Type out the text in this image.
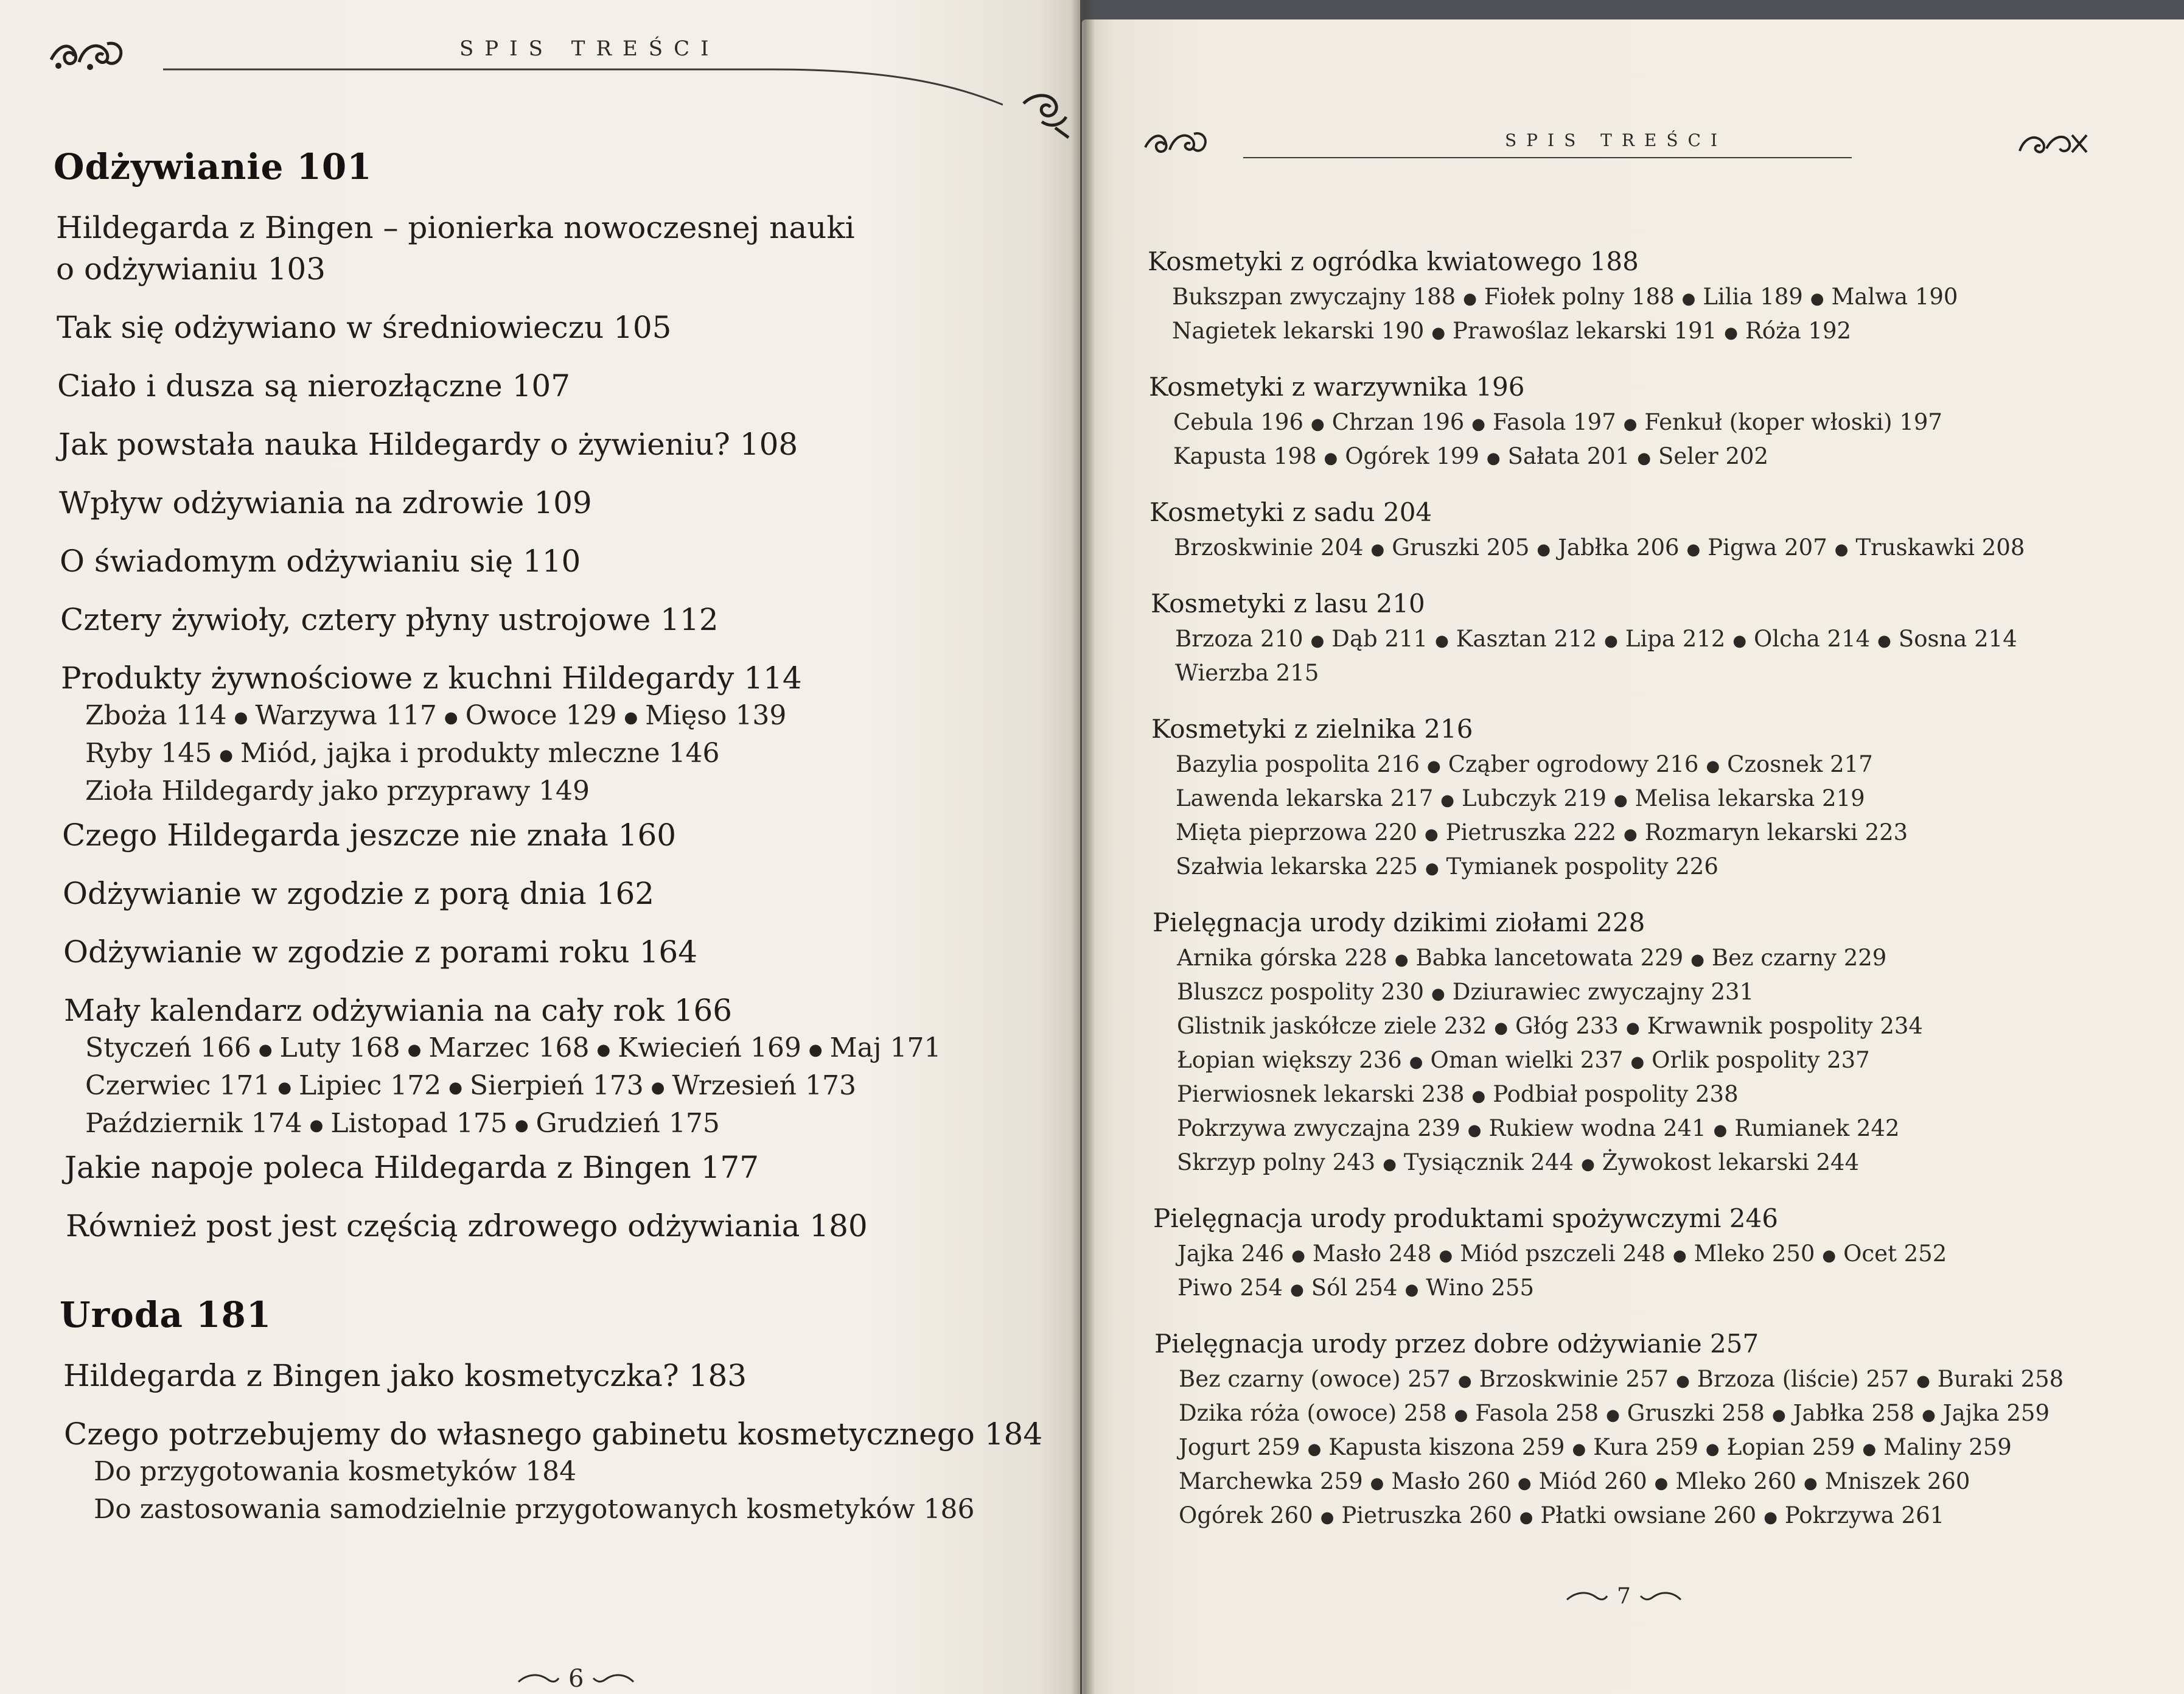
SPIS TREŚCI
6
Odżywianie 101
Hildegarda z Bingen – pionierka nowoczesnej nauki
o odżywianiu 103
Tak się odżywiano w średniowieczu 105
Ciało i dusza są nierozłączne 107
Jak powstała nauka Hildegardy o żywieniu? 108
Wpływ odżywiania na zdrowie 109
O świadomym odżywianiu się 110
Cztery żywioły, cztery płyny ustrojowe 112
Produkty żywnościowe z kuchni Hildegardy 114
Zboża 114 ● Warzywa 117 ● Owoce 129 ● Mięso 139
Ryby 145 ● Miód, jajka i produkty mleczne 146
Zioła Hildegardy jako przyprawy 149
Czego Hildegarda jeszcze nie znała 160
Odżywianie w zgodzie z porą dnia 162
Odżywianie w zgodzie z porami roku 164
Mały kalendarz odżywiania na cały rok 166
Styczeń 166 ● Luty 168 ● Marzec 168 ● Kwiecień 169 ● Maj 171
Czerwiec 171 ● Lipiec 172 ● Sierpień 173 ● Wrzesień 173
Październik 174 ● Listopad 175 ● Grudzień 175
Jakie napoje poleca Hildegarda z Bingen 177
Również post jest częścią zdrowego odżywiania 180
Uroda 181
Hildegarda z Bingen jako kosmetyczka? 183
Czego potrzebujemy do własnego gabinetu kosmetycznego 184
Do przygotowania kosmetyków 184
Do zastosowania samodzielnie przygotowanych kosmetyków 186
SPIS TREŚCI
7
Kosmetyki z ogródka kwiatowego 188
Bukszpan zwyczajny 188 ● Fiołek polny 188 ● Lilia 189 ● Malwa 190
Nagietek lekarski 190 ● Prawoślaz lekarski 191 ● Róża 192
Kosmetyki z warzywnika 196
Cebula 196 ● Chrzan 196 ● Fasola 197 ● Fenkuł (koper włoski) 197
Kapusta 198 ● Ogórek 199 ● Sałata 201 ● Seler 202
Kosmetyki z sadu 204
Brzoskwinie 204 ● Gruszki 205 ● Jabłka 206 ● Pigwa 207 ● Truskawki 208
Kosmetyki z lasu 210
Brzoza 210 ● Dąb 211 ● Kasztan 212 ● Lipa 212 ● Olcha 214 ● Sosna 214
Wierzba 215
Kosmetyki z zielnika 216
Bazylia pospolita 216 ● Cząber ogrodowy 216 ● Czosnek 217
Lawenda lekarska 217 ● Lubczyk 219 ● Melisa lekarska 219
Mięta pieprzowa 220 ● Pietruszka 222 ● Rozmaryn lekarski 223
Szałwia lekarska 225 ● Tymianek pospolity 226
Pielęgnacja urody dzikimi ziołami 228
Arnika górska 228 ● Babka lancetowata 229 ● Bez czarny 229
Bluszcz pospolity 230 ● Dziurawiec zwyczajny 231
Glistnik jaskółcze ziele 232 ● Głóg 233 ● Krwawnik pospolity 234
Łopian większy 236 ● Oman wielki 237 ● Orlik pospolity 237
Pierwiosnek lekarski 238 ● Podbiał pospolity 238
Pokrzywa zwyczajna 239 ● Rukiew wodna 241 ● Rumianek 242
Skrzyp polny 243 ● Tysiącznik 244 ● Żywokost lekarski 244
Pielęgnacja urody produktami spożywczymi 246
Jajka 246 ● Masło 248 ● Miód pszczeli 248 ● Mleko 250 ● Ocet 252
Piwo 254 ● Sól 254 ● Wino 255
Pielęgnacja urody przez dobre odżywianie 257
Bez czarny (owoce) 257 ● Brzoskwinie 257 ● Brzoza (liście) 257 ● Buraki 258
Dzika róża (owoce) 258 ● Fasola 258 ● Gruszki 258 ● Jabłka 258 ● Jajka 259
Jogurt 259 ● Kapusta kiszona 259 ● Kura 259 ● Łopian 259 ● Maliny 259
Marchewka 259 ● Masło 260 ● Miód 260 ● Mleko 260 ● Mniszek 260
Ogórek 260 ● Pietruszka 260 ● Płatki owsiane 260 ● Pokrzywa 261
